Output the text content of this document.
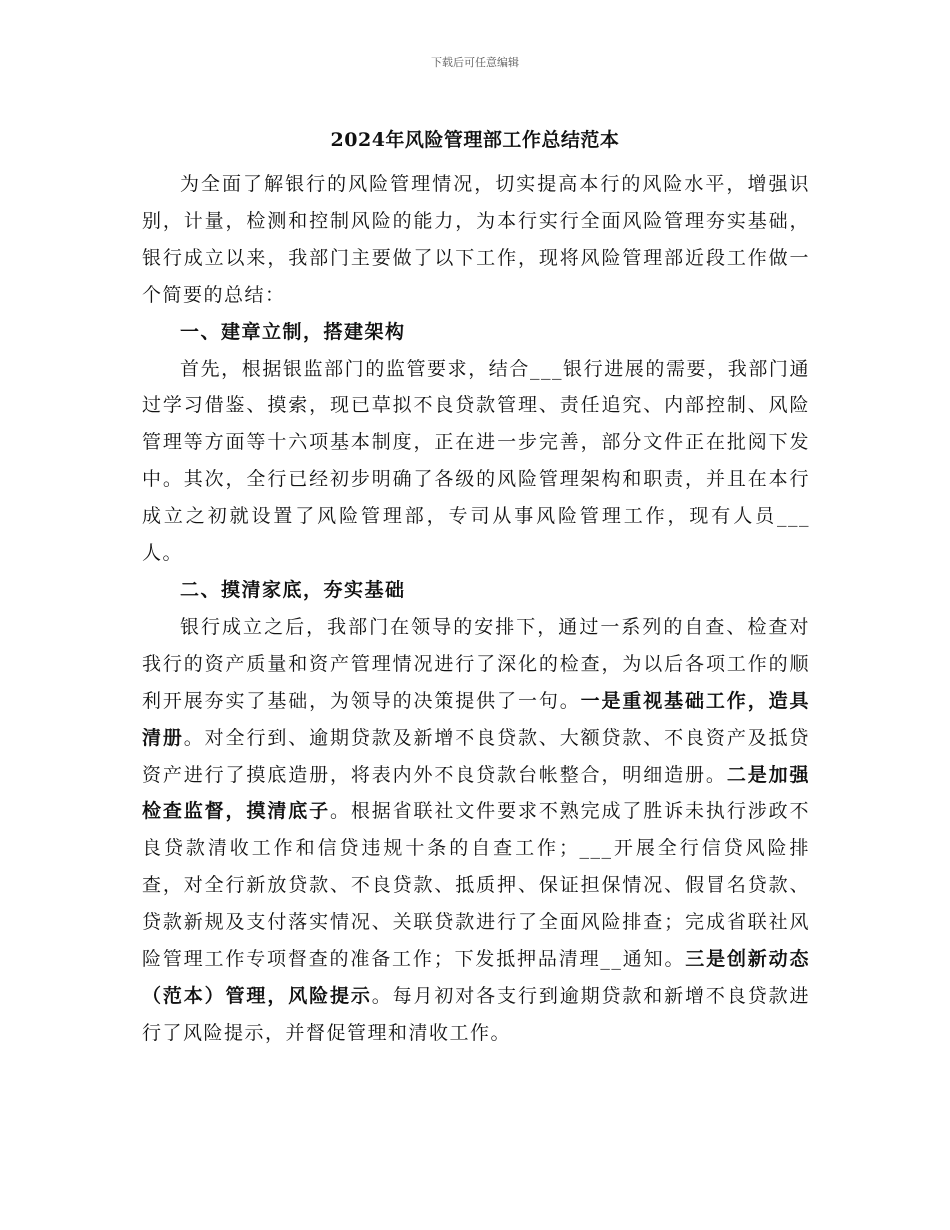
下载后可任意编辑
2024年风险管理部工作总结范本

为全面了解银行的风险管理情况，切实提高本行的风险水平，增强识别，计量，检测和控制风险的能力，为本行实行全面风险管理夯实基础，银行成立以来，我部门主要做了以下工作，现将风险管理部近段工作做一个简要的总结：

一、建章立制，搭建架构

首先，根据银监部门的监管要求，结合___银行进展的需要，我部门通过学习借鉴、摸索，现已草拟不良贷款管理、责任追究、内部控制、风险管理等方面等十六项基本制度，正在进一步完善，部分文件正在批阅下发中。其次，全行已经初步明确了各级的风险管理架构和职责，并且在本行成立之初就设置了风险管理部，专司从事风险管理工作，现有人员___人。

二、摸清家底，夯实基础

银行成立之后，我部门在领导的安排下，通过一系列的自查、检查对我行的资产质量和资产管理情况进行了深化的检查，为以后各项工作的顺利开展夯实了基础，为领导的决策提供了一句。一是重视基础工作，造具清册。对全行到、逾期贷款及新增不良贷款、大额贷款、不良资产及抵贷资产进行了摸底造册，将表内外不良贷款台帐整合，明细造册。二是加强检查监督，摸清底子。根据省联社文件要求不熟完成了胜诉未执行涉政不良贷款清收工作和信贷违规十条的自查工作；___开展全行信贷风险排查，对全行新放贷款、不良贷款、抵质押、保证担保情况、假冒名贷款、贷款新规及支付落实情况、关联贷款进行了全面风险排查；完成省联社风险管理工作专项督查的准备工作；下发抵押品清理__通知。三是创新动态（范本）管理，风险提示。每月初对各支行到逾期贷款和新增不良贷款进行了风险提示，并督促管理和清收工作。
